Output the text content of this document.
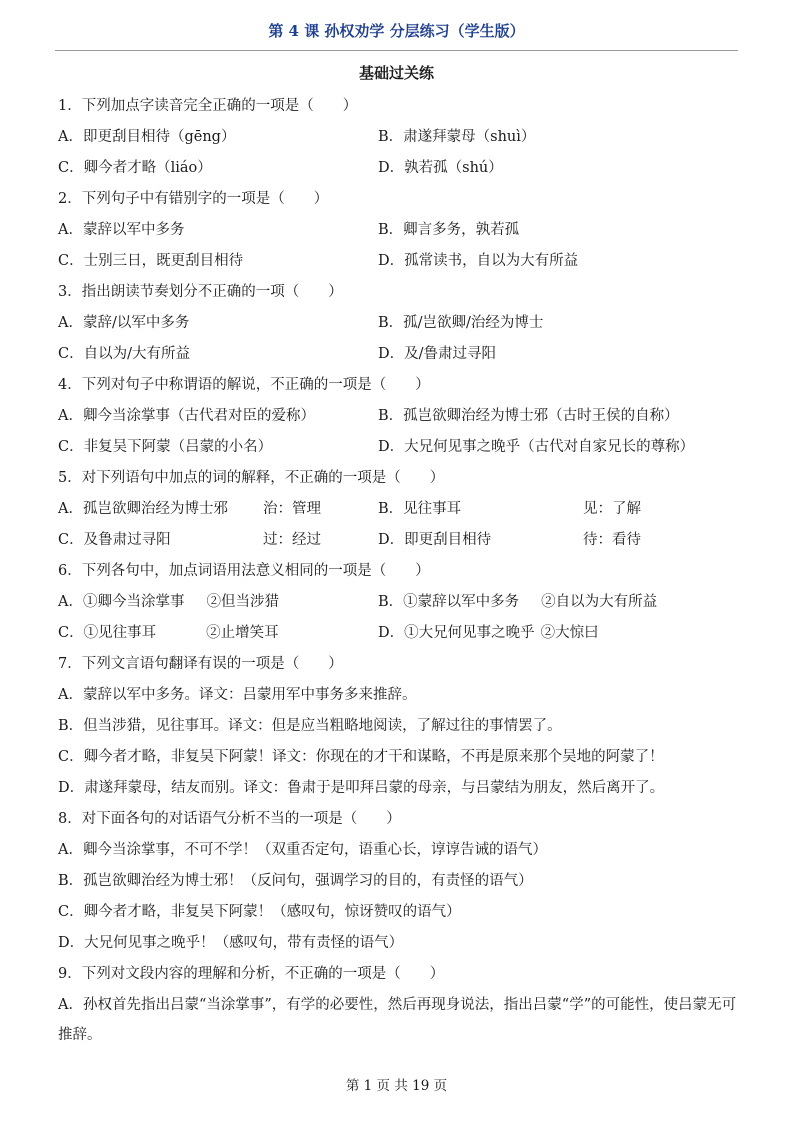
第 4 课 孙权劝学 分层练习（学生版）
基础过关练
1．下列加点字读音完全正确的一项是（　　）
A．即更刮目相待（gēng）	B．肃遂拜蒙母（shuì）
C．卿今者才略（liáo）	D．孰若孤（shú）
2．下列句子中有错别字的一项是（　　）
A．蒙辞以军中多务	B．卿言多务，孰若孤
C．士别三日，既更刮目相待	D．孤常读书，自以为大有所益
3．指出朗读节奏划分不正确的一项（　　）
A．蒙辞/以军中多务	B．孤/岂欲卿/治经为博士
C．自以为/大有所益	D．及/鲁肃过寻阳
4．下列对句子中称谓语的解说，不正确的一项是（　　）
A．卿今当涂掌事（古代君对臣的爱称）	B．孤岂欲卿治经为博士邪（古时王侯的自称）
C．非复吴下阿蒙（吕蒙的小名）	D．大兄何见事之晚乎（古代对自家兄长的尊称）
5．对下列语句中加点的词的解释，不正确的一项是（　　）
A．孤岂欲卿治经为博士邪 治：管理	B．见往事耳	见：了解
C．及鲁肃过寻阳	过：经过	D．即更刮目相待	待：看待
6．下列各句中，加点词语用法意义相同的一项是（　　）
A．①卿今当涂掌事 ②但当涉猎	B．①蒙辞以军中多务 ②自以为大有所益
C．①见往事耳	②止增笑耳	D．①大兄何见事之晚乎 ②大惊曰
7．下列文言语句翻译有误的一项是（　　）
A．蒙辞以军中多务。译文：吕蒙用军中事务多来推辞。
B．但当涉猎，见往事耳。译文：但是应当粗略地阅读，了解过往的事情罢了。
C．卿今者才略，非复吴下阿蒙！译文：你现在的才干和谋略，不再是原来那个吴地的阿蒙了！
D．肃遂拜蒙母，结友而别。译文：鲁肃于是叩拜吕蒙的母亲，与吕蒙结为朋友，然后离开了。
8．对下面各句的对话语气分析不当的一项是（　　）
A．卿今当涂掌事，不可不学！（双重否定句，语重心长，谆谆告诫的语气）
B．孤岂欲卿治经为博士邪！（反问句，强调学习的目的，有责怪的语气）
C．卿今者才略，非复吴下阿蒙！（感叹句，惊讶赞叹的语气）
D．大兄何见事之晚乎！（感叹句，带有责怪的语气）
9．下列对文段内容的理解和分析，不正确的一项是（　　）
A．孙权首先指出吕蒙“当涂掌事”，有学的必要性，然后再现身说法，指出吕蒙“学”的可能性，使吕蒙无可推辞。
第 1 页 共 19 页
